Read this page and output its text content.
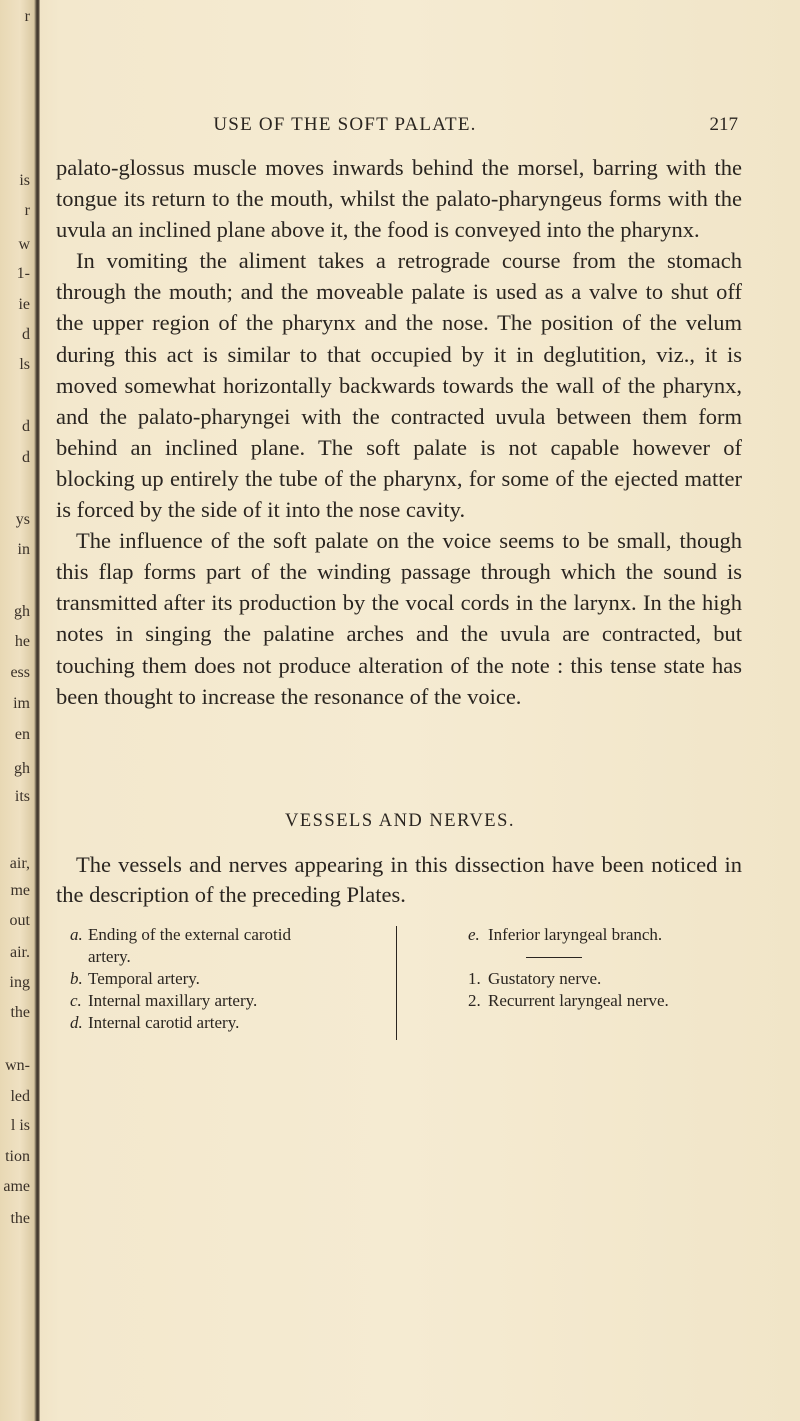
r
is
r
w
1-
ie
d
ls
d
d
ys
in
gh
he
ess
im
en
gh
its
air,
me
out
air.
ing
the
wn-
led
l is
tion
ame
the
USE OF THE SOFT PALATE.	217

palato-glossus muscle moves inwards behind the morsel, barring with the tongue its return to the mouth, whilst the palato-pharyngeus forms with the uvula an inclined plane above it, the food is conveyed into the pharynx.

In vomiting the aliment takes a retrograde course from the stomach through the mouth; and the moveable palate is used as a valve to shut off the upper region of the pharynx and the nose. The position of the velum during this act is similar to that occupied by it in deglutition, viz., it is moved somewhat horizontally backwards towards the wall of the pharynx, and the palato-pharyngei with the contracted uvula between them form behind an inclined plane. The soft palate is not capable however of blocking up entirely the tube of the pharynx, for some of the ejected matter is forced by the side of it into the nose cavity.

The influence of the soft palate on the voice seems to be small, though this flap forms part of the winding passage through which the sound is transmitted after its production by the vocal cords in the larynx. In the high notes in singing the palatine arches and the uvula are contracted, but touching them does not produce alteration of the note : this tense state has been thought to increase the resonance of the voice.

VESSELS AND NERVES.

The vessels and nerves appearing in this dissection have been noticed in the description of the preceding Plates.

a. Ending of the external carotid
artery.
b. Temporal artery.
c. Internal maxillary artery.
d. Internal carotid artery.
e. Inferior laryngeal branch.
1. Gustatory nerve.
2. Recurrent laryngeal nerve.
